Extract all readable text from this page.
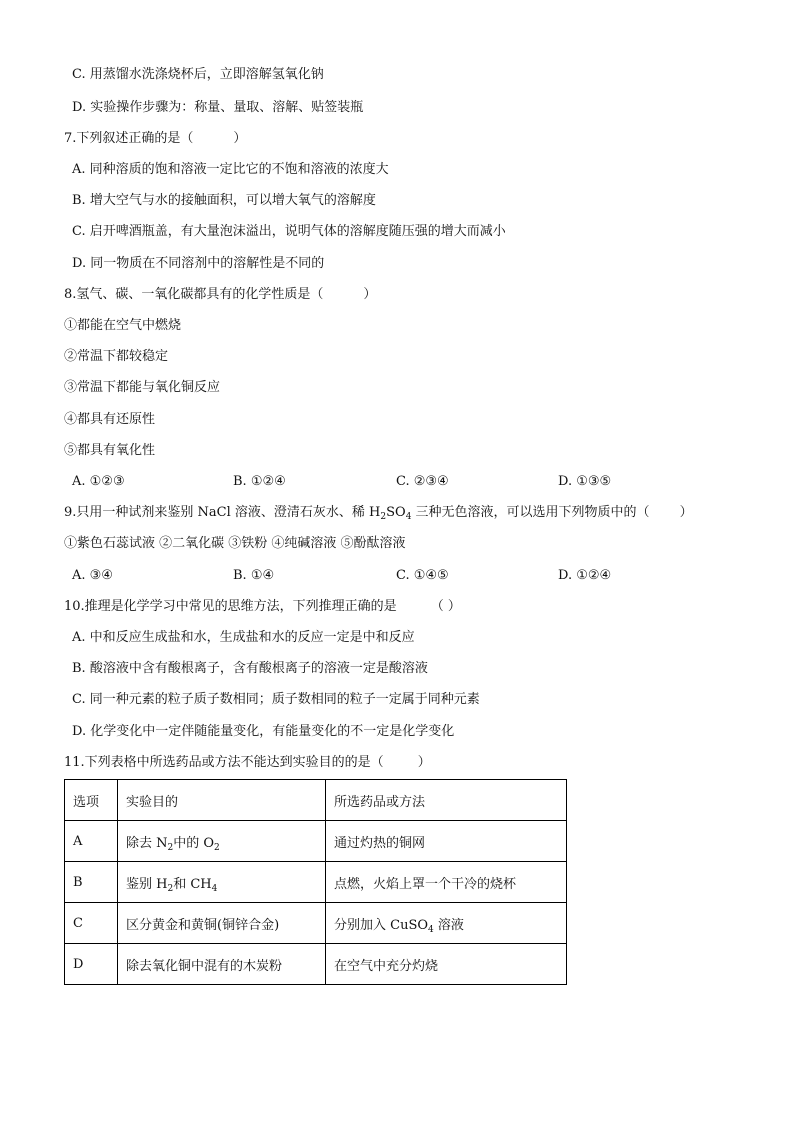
C. 用蒸馏水洗涤烧杯后，立即溶解氢氧化钠
D. 实验操作步骤为：称量、量取、溶解、贴签装瓶
7.下列叙述正确的是（	）
A. 同种溶质的饱和溶液一定比它的不饱和溶液的浓度大
B. 增大空气与水的接触面积，可以增大氧气的溶解度
C. 启开啤酒瓶盖，有大量泡沫溢出，说明气体的溶解度随压强的增大而减小
D. 同一物质在不同溶剂中的溶解性是不同的
8.氢气、碳、一氧化碳都具有的化学性质是（	）
①都能在空气中燃烧
②常温下都较稳定
③常温下都能与氧化铜反应
④都具有还原性
⑤都具有氧化性
A. ①②③	B. ①②④	C. ②③④	D. ①③⑤
9.只用一种试剂来鉴别 NaCl 溶液、澄清石灰水、稀 $H_2SO_4$ 三种无色溶液，可以选用下列物质中的（ ）
①紫色石蕊试液 ②二氧化碳 ③铁粉 ④纯碱溶液 ⑤酚酞溶液
A. ③④	B. ①④	C. ①④⑤	D. ①②④
10.推理是化学学习中常见的思维方法，下列推理正确的是	（ ）
A. 中和反应生成盐和水，生成盐和水的反应一定是中和反应
B. 酸溶液中含有酸根离子，含有酸根离子的溶液一定是酸溶液
C. 同一种元素的粒子质子数相同；质子数相同的粒子一定属于同种元素
D. 化学变化中一定伴随能量变化，有能量变化的不一定是化学变化
11.下列表格中所选药品或方法不能达到实验目的的是（	）
选项	实验目的	所选药品或方法
A	除去 $N_2$中的 $O_2$	通过灼热的铜网
B	鉴别 $H_2$和 $CH_4$	点燃，火焰上罩一个干冷的烧杯
C	区分黄金和黄铜(铜锌合金)	分别加入 CuSO$_4$ 溶液
D	除去氧化铜中混有的木炭粉	在空气中充分灼烧
